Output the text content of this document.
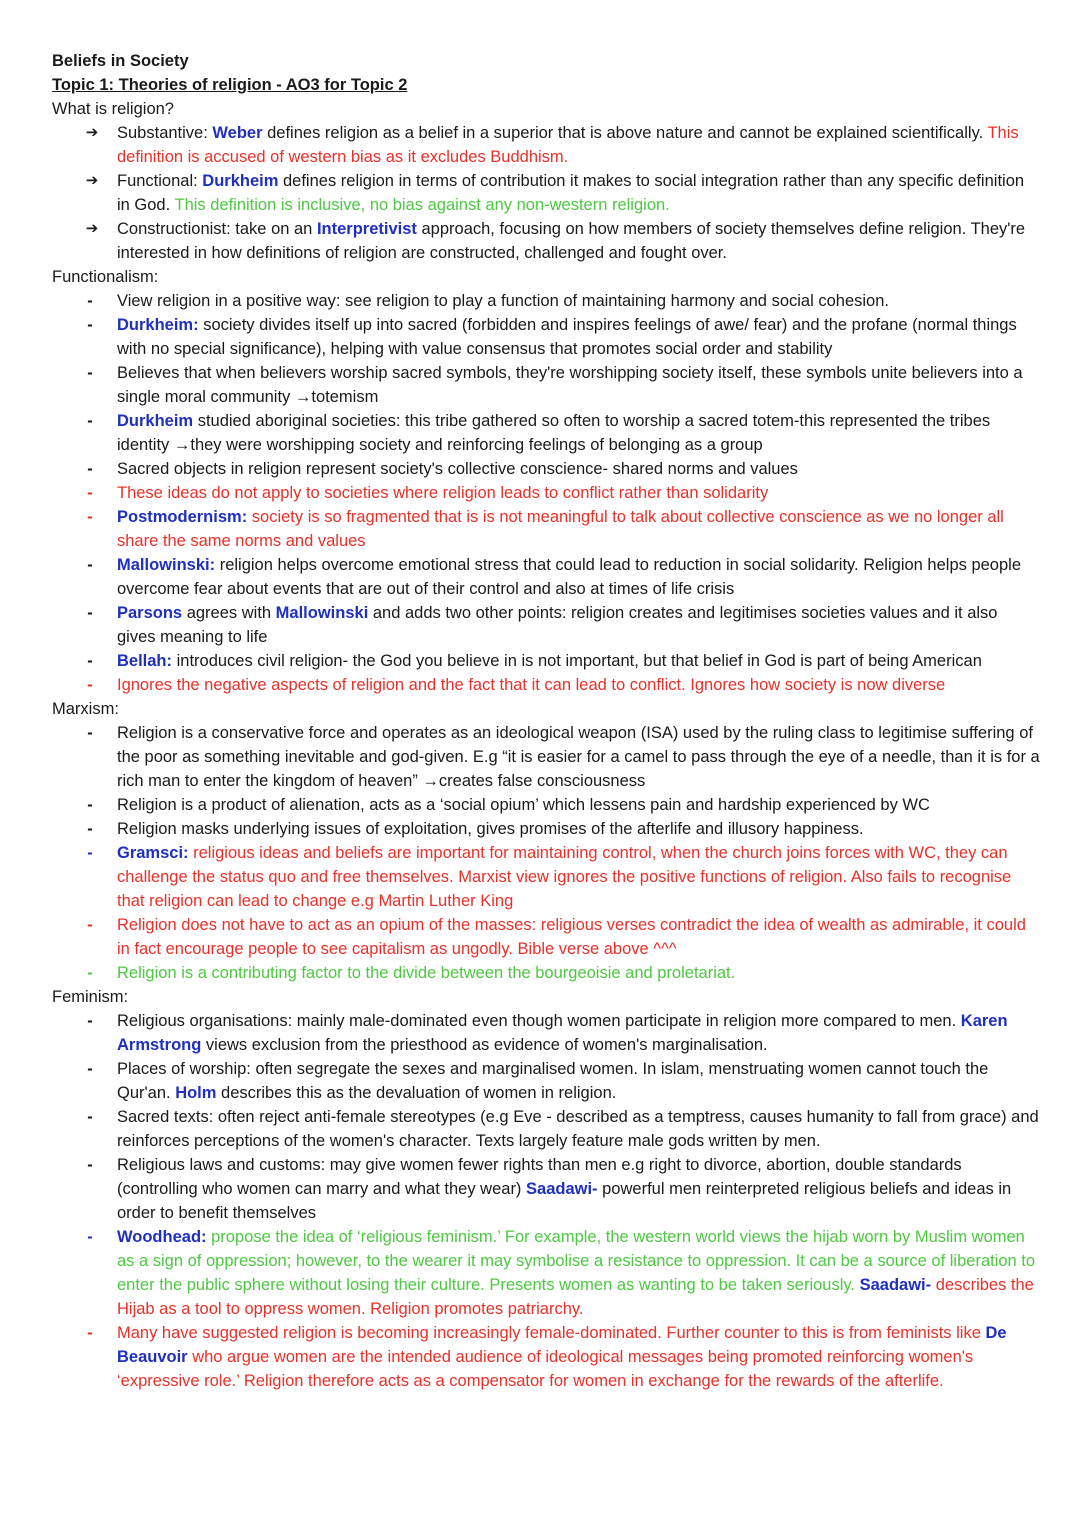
Beliefs in Society
Topic 1: Theories of religion - AO3 for Topic 2
What is religion?
➔ Substantive: Weber defines religion as a belief in a superior that is above nature and cannot be explained scientifically. This definition is accused of western bias as it excludes Buddhism.
➔ Functional: Durkheim defines religion in terms of contribution it makes to social integration rather than any specific definition in God. This definition is inclusive, no bias against any non-western religion.
➔ Constructionist: take on an Interpretivist approach, focusing on how members of society themselves define religion. They're interested in how definitions of religion are constructed, challenged and fought over.
Functionalism:
- View religion in a positive way: see religion to play a function of maintaining harmony and social cohesion.
- Durkheim: society divides itself up into sacred (forbidden and inspires feelings of awe/ fear) and the profane (normal things with no special significance), helping with value consensus that promotes social order and stability
- Believes that when believers worship sacred symbols, they're worshipping society itself, these symbols unite believers into a single moral community →totemism
- Durkheim studied aboriginal societies: this tribe gathered so often to worship a sacred totem-this represented the tribes identity →they were worshipping society and reinforcing feelings of belonging as a group
- Sacred objects in religion represent society's collective conscience- shared norms and values
- These ideas do not apply to societies where religion leads to conflict rather than solidarity
- Postmodernism: society is so fragmented that is is not meaningful to talk about collective conscience as we no longer all share the same norms and values
- Mallowinski: religion helps overcome emotional stress that could lead to reduction in social solidarity. Religion helps people overcome fear about events that are out of their control and also at times of life crisis
- Parsons agrees with Mallowinski and adds two other points: religion creates and legitimises societies values and it also gives meaning to life
- Bellah: introduces civil religion- the God you believe in is not important, but that belief in God is part of being American
- Ignores the negative aspects of religion and the fact that it can lead to conflict. Ignores how society is now diverse
Marxism:
- Religion is a conservative force and operates as an ideological weapon (ISA) used by the ruling class to legitimise suffering of the poor as something inevitable and god-given. E.g “it is easier for a camel to pass through the eye of a needle, than it is for a rich man to enter the kingdom of heaven” →creates false consciousness
- Religion is a product of alienation, acts as a ‘social opium’ which lessens pain and hardship experienced by WC
- Religion masks underlying issues of exploitation, gives promises of the afterlife and illusory happiness.
- Gramsci: religious ideas and beliefs are important for maintaining control, when the church joins forces with WC, they can challenge the status quo and free themselves. Marxist view ignores the positive functions of religion. Also fails to recognise that religion can lead to change e.g Martin Luther King
- Religion does not have to act as an opium of the masses: religious verses contradict the idea of wealth as admirable, it could in fact encourage people to see capitalism as ungodly. Bible verse above ^^^
- Religion is a contributing factor to the divide between the bourgeoisie and proletariat.
Feminism:
- Religious organisations: mainly male-dominated even though women participate in religion more compared to men. Karen Armstrong views exclusion from the priesthood as evidence of women's marginalisation.
- Places of worship: often segregate the sexes and marginalised women. In islam, menstruating women cannot touch the Qur'an. Holm describes this as the devaluation of women in religion.
- Sacred texts: often reject anti-female stereotypes (e.g Eve - described as a temptress, causes humanity to fall from grace) and reinforces perceptions of the women's character. Texts largely feature male gods written by men.
- Religious laws and customs: may give women fewer rights than men e.g right to divorce, abortion, double standards (controlling who women can marry and what they wear) Saadawi- powerful men reinterpreted religious beliefs and ideas in order to benefit themselves
- Woodhead: propose the idea of ‘religious feminism.’ For example, the western world views the hijab worn by Muslim women as a sign of oppression; however, to the wearer it may symbolise a resistance to oppression. It can be a source of liberation to enter the public sphere without losing their culture. Presents women as wanting to be taken seriously. Saadawi- describes the Hijab as a tool to oppress women. Religion promotes patriarchy.
- Many have suggested religion is becoming increasingly female-dominated. Further counter to this is from feminists like De Beauvoir who argue women are the intended audience of ideological messages being promoted reinforcing women's ‘expressive role.’ Religion therefore acts as a compensator for women in exchange for the rewards of the afterlife.
